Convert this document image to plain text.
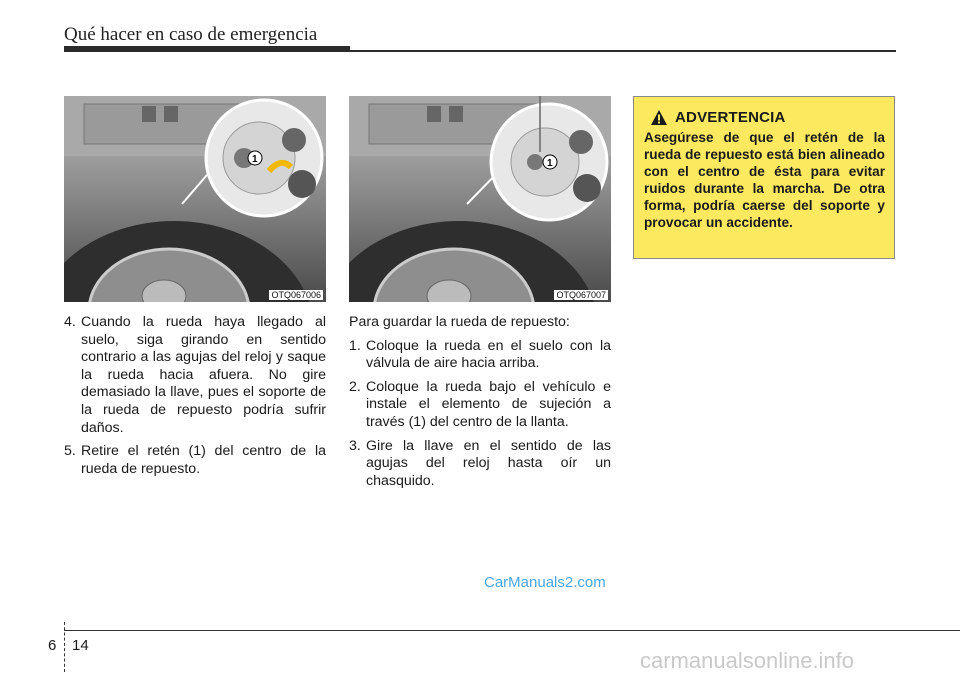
Qué hacer en caso de emergencia
1
OTQ067006
1
OTQ067007
4. Cuando la rueda haya llegado al suelo, siga girando en sentido contrario a las agujas del reloj y saque la rueda hacia afuera. No gire demasiado la llave, pues el soporte de la rueda de repuesto podría sufrir daños.
5. Retire el retén (1) del centro de la rueda de repuesto.

Para guardar la rueda de repuesto:

1. Coloque la rueda en el suelo con la válvula de aire hacia arriba.
2. Coloque la rueda bajo el vehículo e instale el elemento de sujeción a través (1) del centro de la llanta.
3. Gire la llave en el sentido de las agujas del reloj hasta oír un chasquido.
ADVERTENCIA
Asegúrese de que el retén de la rueda de repuesto está bien alineado con el centro de ésta para evitar ruidos durante la marcha. De otra forma, podría caerse del soporte y provocar un accidente.
CarManuals2.com
6 14
carmanualsonline.info
